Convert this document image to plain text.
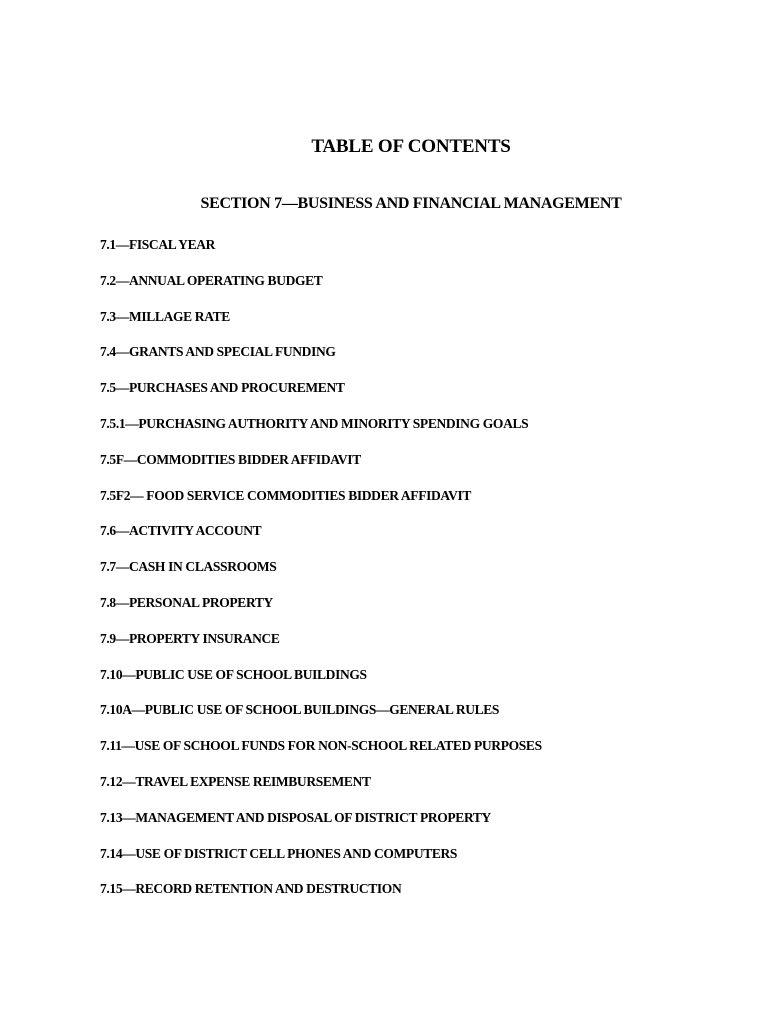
TABLE OF CONTENTS
SECTION 7—BUSINESS AND FINANCIAL MANAGEMENT
7.1—FISCAL YEAR
7.2—ANNUAL OPERATING BUDGET
7.3—MILLAGE RATE
7.4—GRANTS AND SPECIAL FUNDING
7.5—PURCHASES AND PROCUREMENT
7.5.1—PURCHASING AUTHORITY AND MINORITY SPENDING GOALS
7.5F—COMMODITIES BIDDER AFFIDAVIT
7.5F2— FOOD SERVICE COMMODITIES BIDDER AFFIDAVIT
7.6—ACTIVITY ACCOUNT
7.7—CASH IN CLASSROOMS
7.8—PERSONAL PROPERTY
7.9—PROPERTY INSURANCE
7.10—PUBLIC USE OF SCHOOL BUILDINGS
7.10A—PUBLIC USE OF SCHOOL BUILDINGS—GENERAL RULES
7.11—USE OF SCHOOL FUNDS FOR NON-SCHOOL RELATED PURPOSES
7.12—TRAVEL EXPENSE REIMBURSEMENT
7.13—MANAGEMENT AND DISPOSAL OF DISTRICT PROPERTY
7.14—USE OF DISTRICT CELL PHONES AND COMPUTERS
7.15—RECORD RETENTION AND DESTRUCTION
